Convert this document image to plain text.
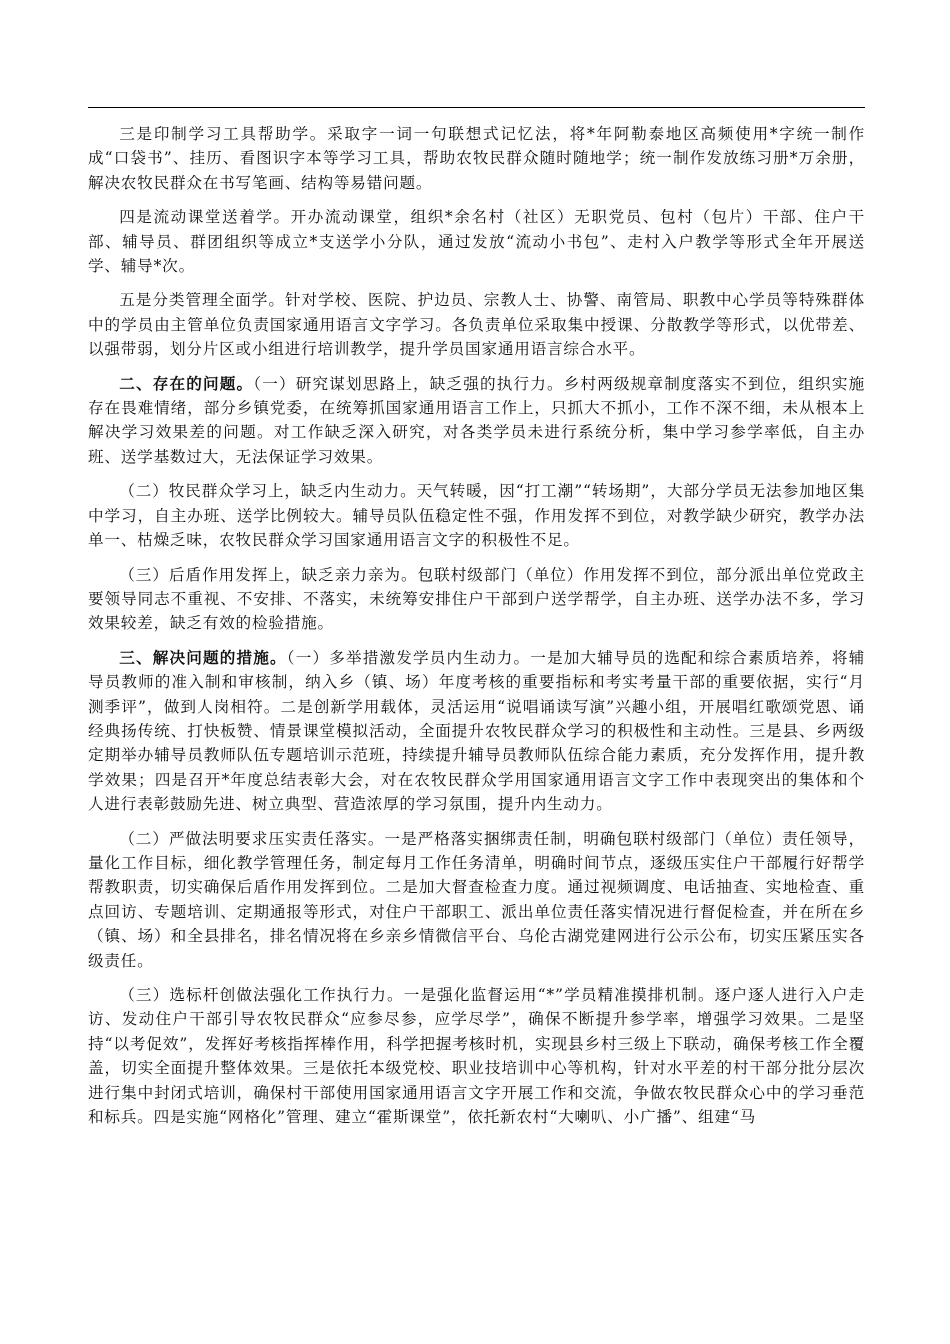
三是印制学习工具帮助学。采取字一词一句联想式记忆法，将*年阿勒泰地区高频使用*字统一制作成“口袋书”、挂历、看图识字本等学习工具，帮助农牧民群众随时随地学；统一制作发放练习册*万余册，解决农牧民群众在书写笔画、结构等易错问题。

四是流动课堂送着学。开办流动课堂，组织*余名村（社区）无职党员、包村（包片）干部、住户干部、辅导员、群团组织等成立*支送学小分队，通过发放“流动小书包”、走村入户教学等形式全年开展送学、辅导*次。

五是分类管理全面学。针对学校、医院、护边员、宗教人士、协警、南管局、职教中心学员等特殊群体中的学员由主管单位负责国家通用语言文字学习。各负责单位采取集中授课、分散教学等形式，以优带差、以强带弱，划分片区或小组进行培训教学，提升学员国家通用语言综合水平。

二、存在的问题。（一）研究谋划思路上，缺乏强的执行力。乡村两级规章制度落实不到位，组织实施存在畏难情绪，部分乡镇党委，在统筹抓国家通用语言工作上，只抓大不抓小，工作不深不细，未从根本上解决学习效果差的问题。对工作缺乏深入研究，对各类学员未进行系统分析，集中学习参学率低，自主办班、送学基数过大，无法保证学习效果。

（二）牧民群众学习上，缺乏内生动力。天气转暖，因“打工潮”“转场期”，大部分学员无法参加地区集中学习，自主办班、送学比例较大。辅导员队伍稳定性不强，作用发挥不到位，对教学缺少研究，教学办法单一、枯燥乏味，农牧民群众学习国家通用语言文字的积极性不足。

（三）后盾作用发挥上，缺乏亲力亲为。包联村级部门（单位）作用发挥不到位，部分派出单位党政主要领导同志不重视、不安排、不落实，未统筹安排住户干部到户送学帮学，自主办班、送学办法不多，学习效果较差，缺乏有效的检验措施。

三、解决问题的措施。（一）多举措激发学员内生动力。一是加大辅导员的选配和综合素质培养，将辅导员教师的准入制和审核制，纳入乡（镇、场）年度考核的重要指标和考实考量干部的重要依据，实行“月测季评”，做到人岗相符。二是创新学用载体，灵活运用“说唱诵读写演”兴趣小组，开展唱红歌颂党恩、诵经典扬传统、打快板赞、情景课堂模拟活动，全面提升农牧民群众学习的积极性和主动性。三是县、乡两级定期举办辅导员教师队伍专题培训示范班，持续提升辅导员教师队伍综合能力素质，充分发挥作用，提升教学效果；四是召开*年度总结表彰大会，对在农牧民群众学用国家通用语言文字工作中表现突出的集体和个人进行表彰鼓励先进、树立典型、营造浓厚的学习氛围，提升内生动力。

（二）严做法明要求压实责任落实。一是严格落实捆绑责任制，明确包联村级部门（单位）责任领导，量化工作目标，细化教学管理任务，制定每月工作任务清单，明确时间节点，逐级压实住户干部履行好帮学帮教职责，切实确保后盾作用发挥到位。二是加大督查检查力度。通过视频调度、电话抽查、实地检查、重点回访、专题培训、定期通报等形式，对住户干部职工、派出单位责任落实情况进行督促检查，并在所在乡（镇、场）和全县排名，排名情况将在乡亲乡情微信平台、乌伦古湖党建网进行公示公布，切实压紧压实各级责任。

（三）选标杆创做法强化工作执行力。一是强化监督运用“*”学员精准摸排机制。逐户逐人进行入户走访、发动住户干部引导农牧民群众“应参尽参，应学尽学”，确保不断提升参学率，增强学习效果。二是坚持“以考促效”，发挥好考核指挥棒作用，科学把握考核时机，实现县乡村三级上下联动，确保考核工作全覆盖，切实全面提升整体效果。三是依托本级党校、职业技培训中心等机构，针对水平差的村干部分批分层次进行集中封闭式培训，确保村干部使用国家通用语言文字开展工作和交流，争做农牧民群众心中的学习垂范和标兵。四是实施“网格化”管理、建立“霍斯课堂”，依托新农村“大喇叭、小广播”、组建“马
